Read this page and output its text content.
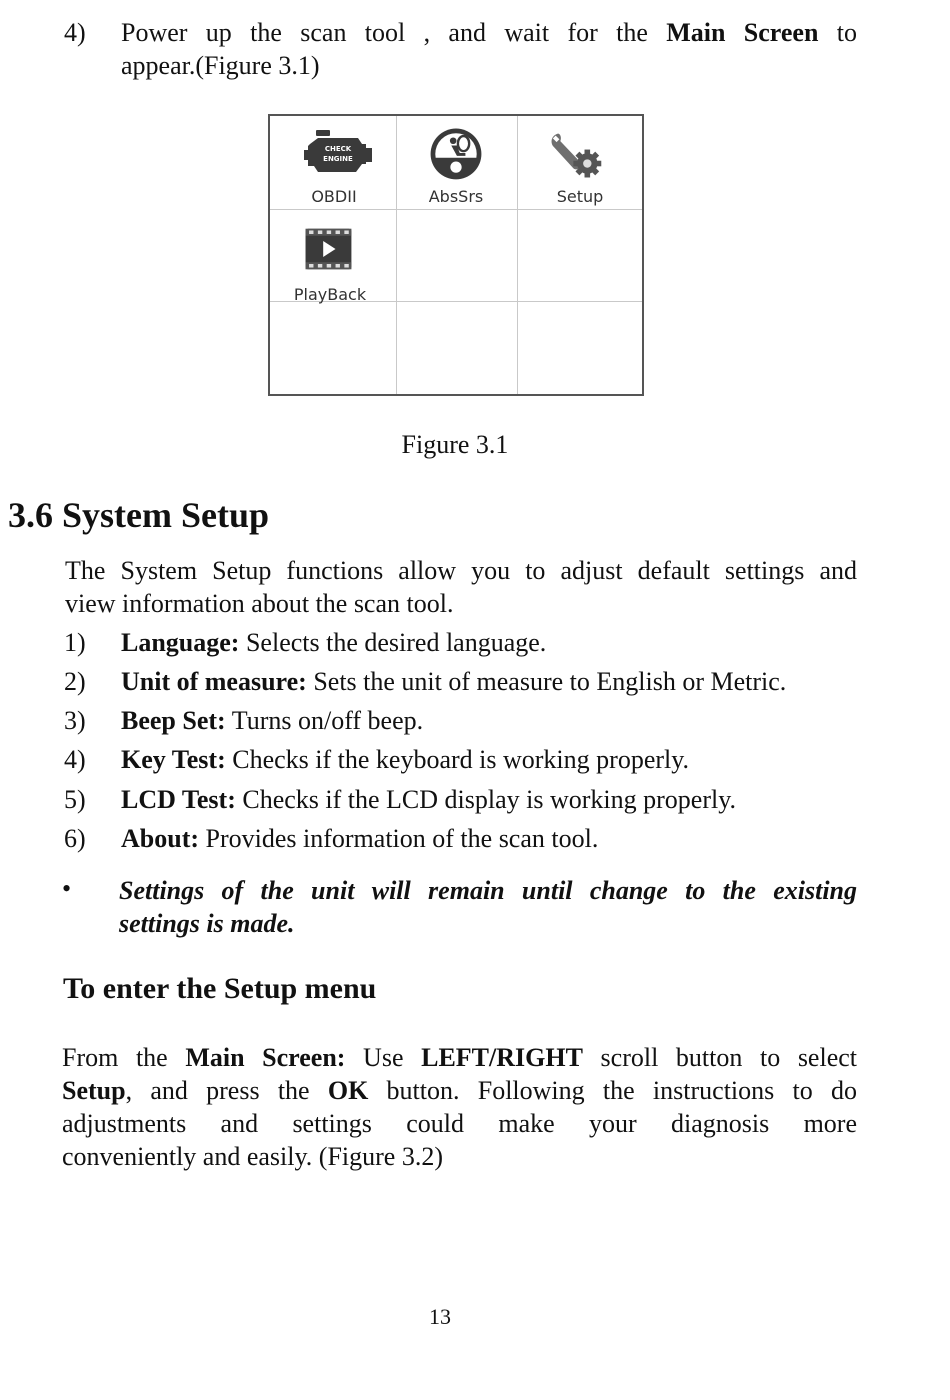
4) Power up the scan tool , and wait for the Main Screen to
appear.(Figure 3.1)
CHECK
ENGINE
OBDII	AbsSrs	Setup
PlayBack
Figure 3.1
3.6 System Setup
The System Setup functions allow you to adjust default settings and
view information about the scan tool.
1) Language: Selects the desired language.
2) Unit of measure: Sets the unit of measure to English or Metric.
3) Beep Set: Turns on/off beep.
4) Key Test: Checks if the keyboard is working properly.
5) LCD Test: Checks if the LCD display is working properly.
6) About: Provides information of the scan tool.
• Settings of the unit will remain until change to the existing
settings is made.
To enter the Setup menu
From the Main Screen: Use LEFT/RIGHT scroll button to select
Setup, and press the OK button. Following the instructions to do
adjustments and settings could make your diagnosis more
conveniently and easily. (Figure 3.2)
13
